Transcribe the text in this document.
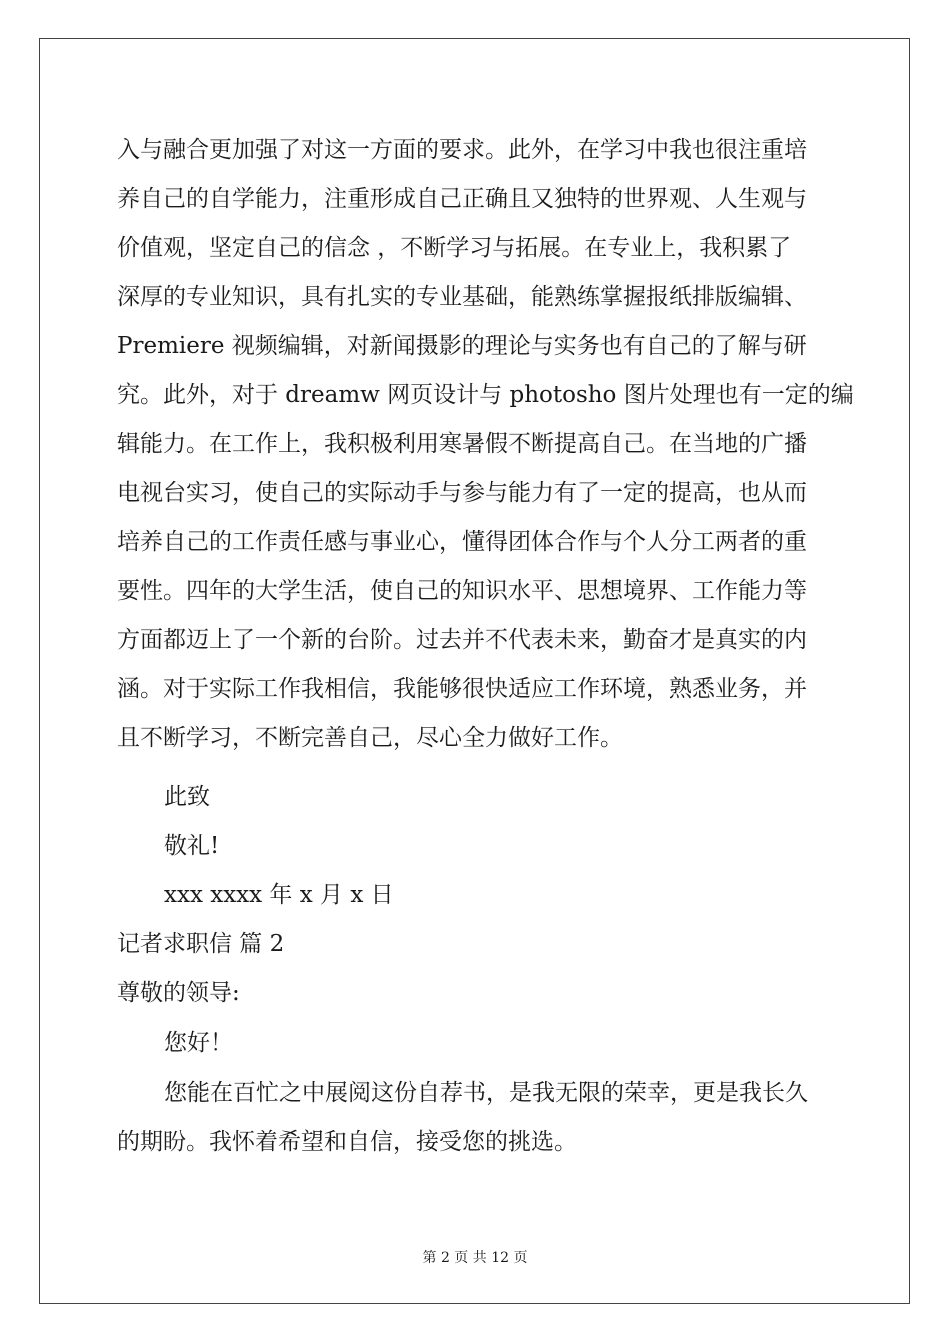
入与融合更加强了对这一方面的要求。此外，在学习中我也很注重培
养自己的自学能力，注重形成自己正确且又独特的世界观、人生观与
价值观，坚定自己的信念 ，不断学习与拓展。在专业上，我积累了
深厚的专业知识，具有扎实的专业基础，能熟练掌握报纸排版编辑、
Premiere 视频编辑，对新闻摄影的理论与实务也有自己的了解与研
究。此外，对于 dreamw 网页设计与 photosho 图片处理也有一定的编
辑能力。在工作上，我积极利用寒暑假不断提高自己。在当地的广播
电视台实习，使自己的实际动手与参与能力有了一定的提高，也从而
培养自己的工作责任感与事业心，懂得团体合作与个人分工两者的重
要性。四年的大学生活，使自己的知识水平、思想境界、工作能力等
方面都迈上了一个新的台阶。过去并不代表未来，勤奋才是真实的内
涵。对于实际工作我相信，我能够很快适应工作环境，熟悉业务，并
且不断学习，不断完善自己，尽心全力做好工作。
此致
敬礼!
xxx xxxx 年 x 月 x 日
记者求职信 篇 2
尊敬的领导:
您好！
您能在百忙之中展阅这份自荐书，是我无限的荣幸，更是我长久
的期盼。我怀着希望和自信，接受您的挑选。
第 2 页 共 12 页
